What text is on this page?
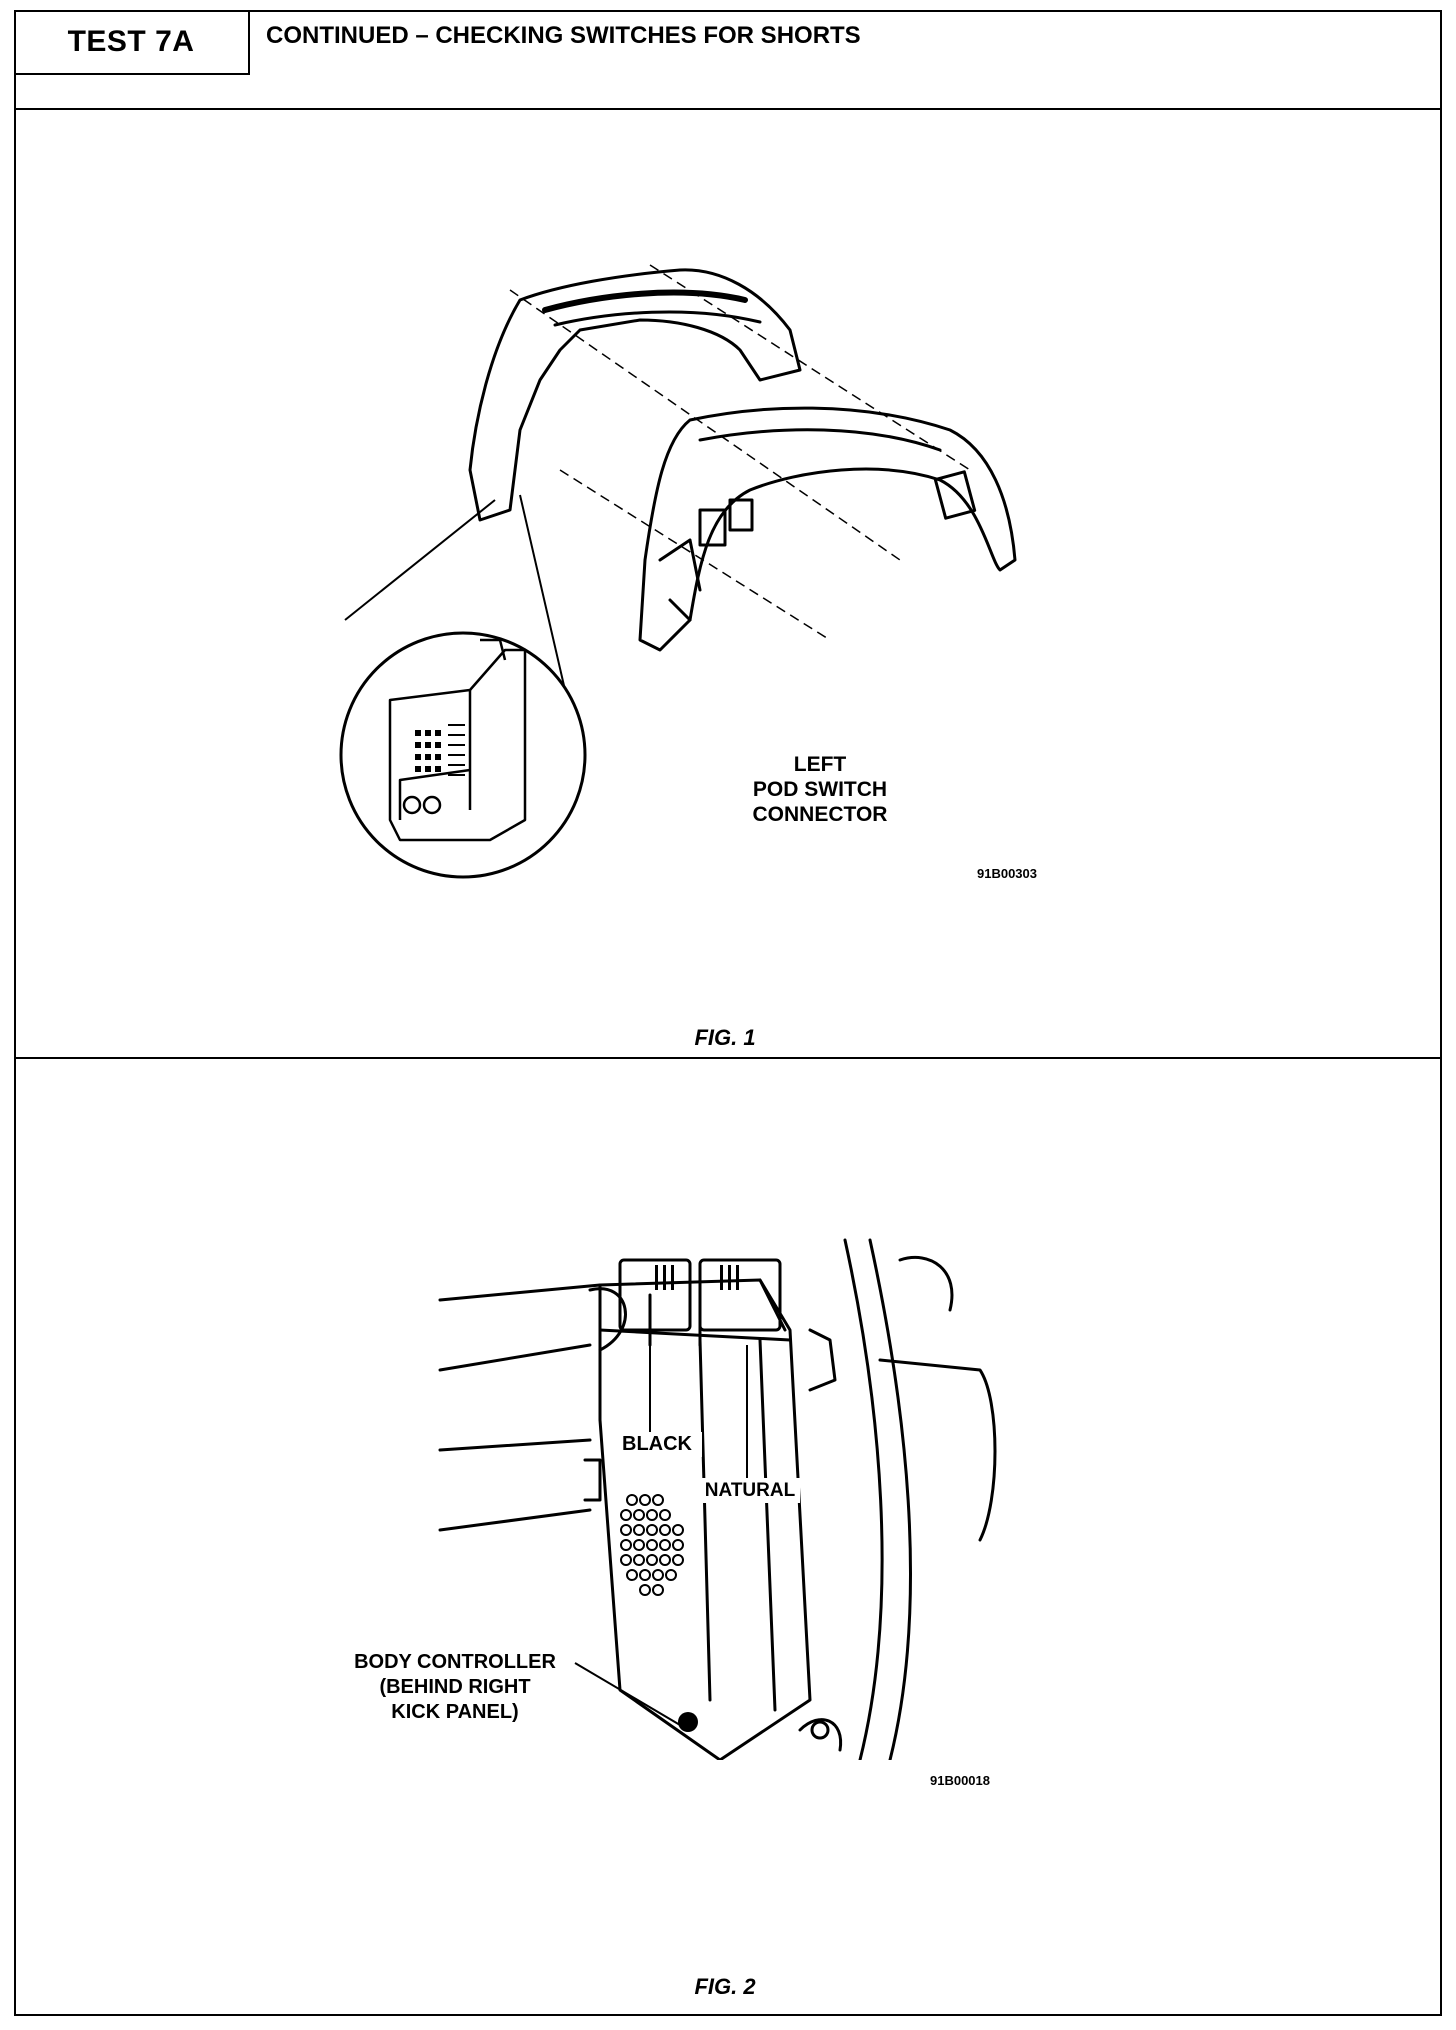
TEST 7A	CONTINUED – CHECKING SWITCHES FOR SHORTS
LEFT
POD SWITCH
CONNECTOR
91B00303
FIG. 1
BLACK
NATURAL
BODY CONTROLLER
(BEHIND RIGHT
KICK PANEL)
91B00018
FIG. 2
